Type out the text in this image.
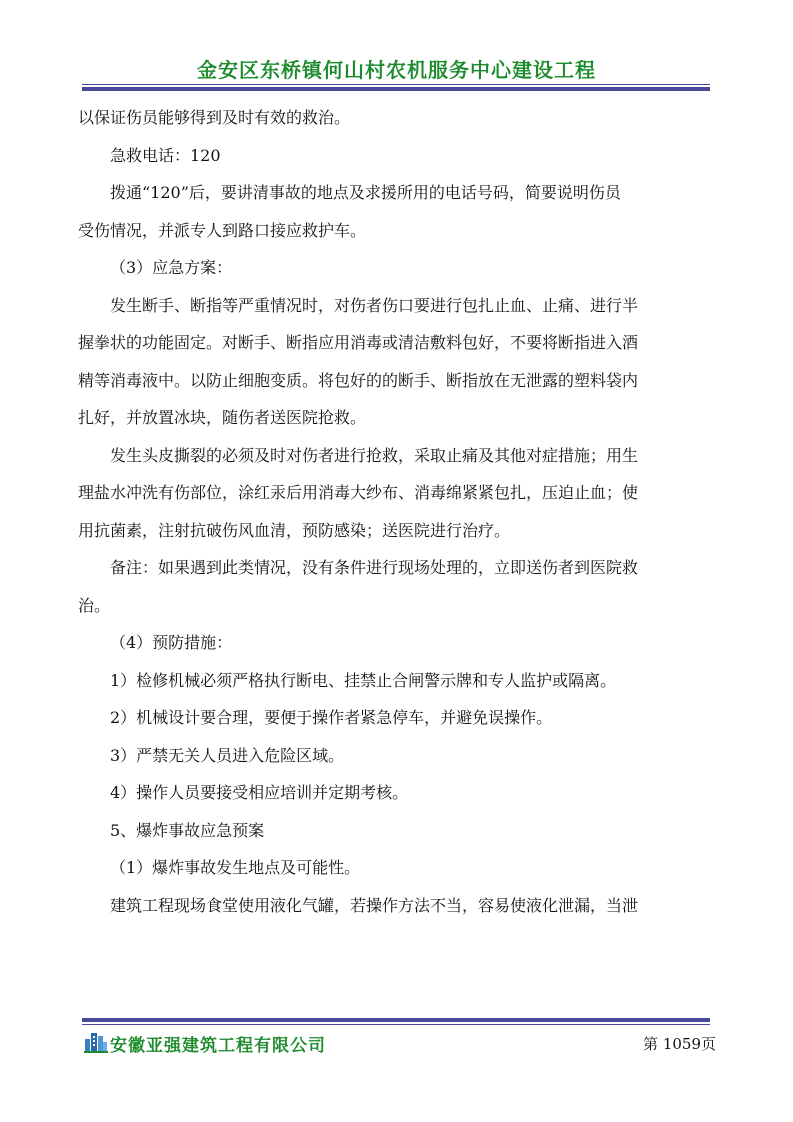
金安区东桥镇何山村农机服务中心建设工程

以保证伤员能够得到及时有效的救治。

急救电话：120

拨通“120”后，要讲清事故的地点及求援所用的电话号码，简要说明伤员

受伤情况，并派专人到路口接应救护车。

（3）应急方案：

发生断手、断指等严重情况时，对伤者伤口要进行包扎止血、止痛、进行半

握拳状的功能固定。对断手、断指应用消毒或清洁敷料包好，不要将断指进入酒

精等消毒液中。以防止细胞变质。将包好的的断手、断指放在无泄露的塑料袋内

扎好，并放置冰块，随伤者送医院抢救。

发生头皮撕裂的必须及时对伤者进行抢救，采取止痛及其他对症措施；用生

理盐水冲洗有伤部位，涂红汞后用消毒大纱布、消毒绵紧紧包扎，压迫止血；使

用抗菌素，注射抗破伤风血清，预防感染；送医院进行治疗。

备注：如果遇到此类情况，没有条件进行现场处理的，立即送伤者到医院救

治。

（4）预防措施：

1）检修机械必须严格执行断电、挂禁止合闸警示牌和专人监护或隔离。

2）机械设计要合理，要便于操作者紧急停车，并避免误操作。

3）严禁无关人员进入危险区域。

4）操作人员要接受相应培训并定期考核。

5、爆炸事故应急预案

（1）爆炸事故发生地点及可能性。

建筑工程现场食堂使用液化气罐，若操作方法不当，容易使液化泄漏，当泄

安徽亚强建筑工程有限公司	第 1059页
